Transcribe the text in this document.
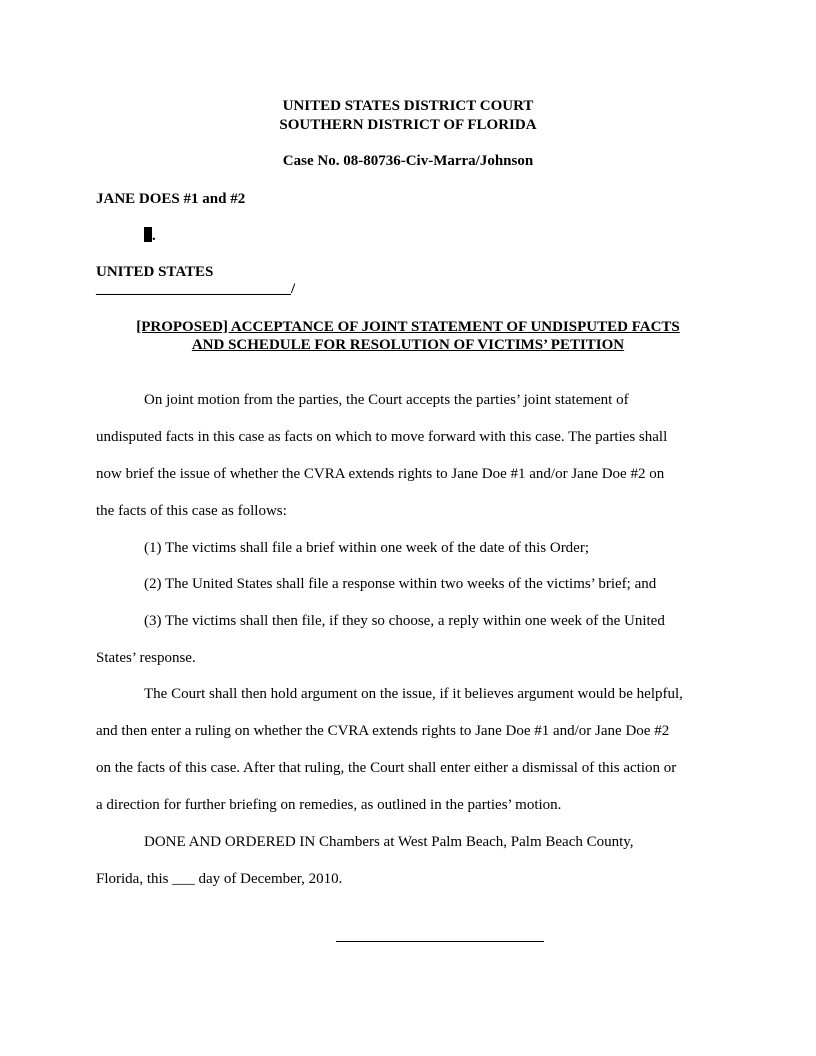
UNITED STATES DISTRICT COURT
SOUTHERN DISTRICT OF FLORIDA
Case No. 08-80736-Civ-Marra/Johnson
JANE DOES #1 and #2
.
UNITED STATES
__________________________/
[PROPOSED] ACCEPTANCE OF JOINT STATEMENT OF UNDISPUTED FACTS
AND SCHEDULE FOR RESOLUTION OF VICTIMS’ PETITION
On joint motion from the parties, the Court accepts the parties’ joint statement of
undisputed facts in this case as facts on which to move forward with this case. The parties shall
now brief the issue of whether the CVRA extends rights to Jane Doe #1 and/or Jane Doe #2 on
the facts of this case as follows:
(1) The victims shall file a brief within one week of the date of this Order;
(2) The United States shall file a response within two weeks of the victims’ brief; and
(3) The victims shall then file, if they so choose, a reply within one week of the United
States’ response.
The Court shall then hold argument on the issue, if it believes argument would be helpful,
and then enter a ruling on whether the CVRA extends rights to Jane Doe #1 and/or Jane Doe #2
on the facts of this case. After that ruling, the Court shall enter either a dismissal of this action or
a direction for further briefing on remedies, as outlined in the parties’ motion.
DONE AND ORDERED IN Chambers at West Palm Beach, Palm Beach County,
Florida, this ___ day of December, 2010.
